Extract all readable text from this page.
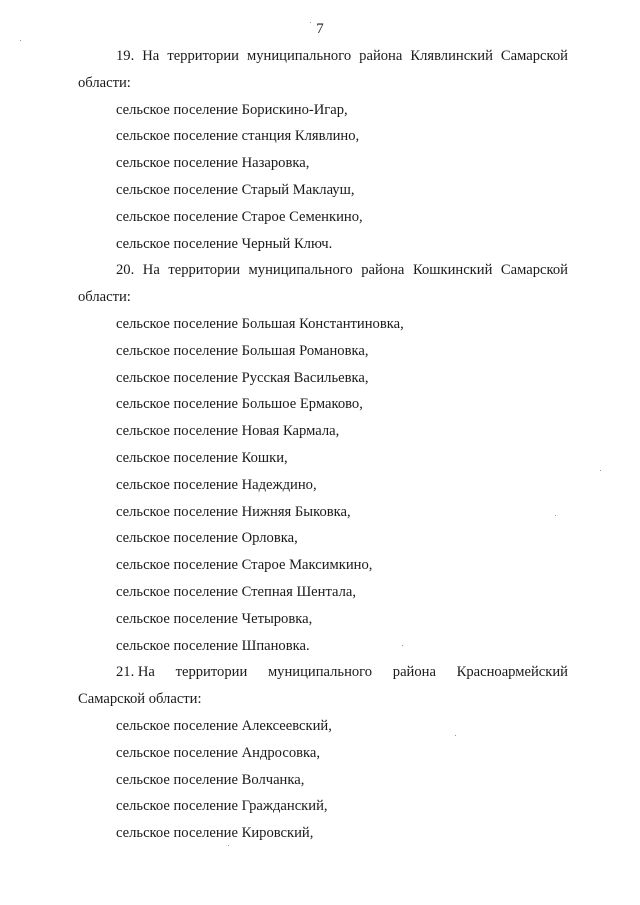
7
19. На территории муниципального района Клявлинский Самарской
области:
сельское поселение Борискино-Игар,
сельское поселение станция Клявлино,
сельское поселение Назаровка,
сельское поселение Старый Маклауш,
сельское поселение Старое Семенкино,
сельское поселение Черный Ключ.
20. На территории муниципального района Кошкинский Самарской
области:
сельское поселение Большая Константиновка,
сельское поселение Большая Романовка,
сельское поселение Русская Васильевка,
сельское поселение Большое Ермаково,
сельское поселение Новая Кармала,
сельское поселение Кошки,
сельское поселение Надеждино,
сельское поселение Нижняя Быковка,
сельское поселение Орловка,
сельское поселение Старое Максимкино,
сельское поселение Степная Шентала,
сельское поселение Четыровка,
сельское поселение Шпановка.
21. На территории муниципального района Красноармейский
Самарской области:
сельское поселение Алексеевский,
сельское поселение Андросовка,
сельское поселение Волчанка,
сельское поселение Гражданский,
сельское поселение Кировский,
